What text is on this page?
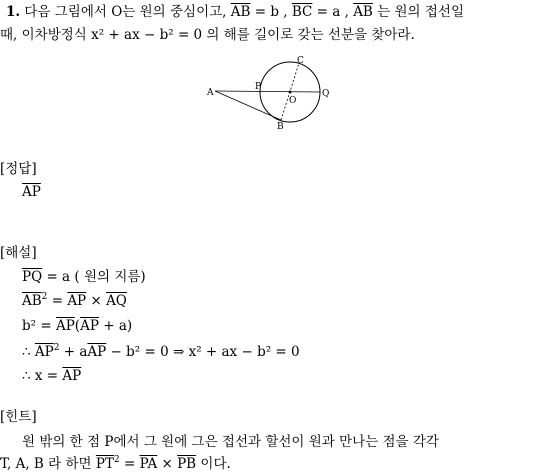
1. 다음 그림에서 O는 원의 중심이고, $\overline{AB} = b$ , $\overline{BC} = a$ , $\overline{AB}$ 는 원의 접선일
때, 이차방정식 x² + ax − b² = 0 의 해를 길이로 갖는 선분을 찾아라.
A
P
O
Q
C
B
[정답]
$\overline{AP}$
[해설]
$\overline{PQ} = a$ ( 원의 지름)
$\overline{AB}^2 = \overline{AP} \times \overline{AQ}$
$b^2 = \overline{AP}(\overline{AP} + a)$
∴ $\overline{AP}^2 + a\overline{AP} - b^2 = 0$ ⇒ x² + ax − b² = 0
∴ $x = \overline{AP}$
[힌트]
원 밖의 한 점 P에서 그 원에 그은 접선과 할선이 원과 만나는 점을 각각
T, A, B 라 하면 $\overline{PT}^2 = \overline{PA} \times \overline{PB}$ 이다.
